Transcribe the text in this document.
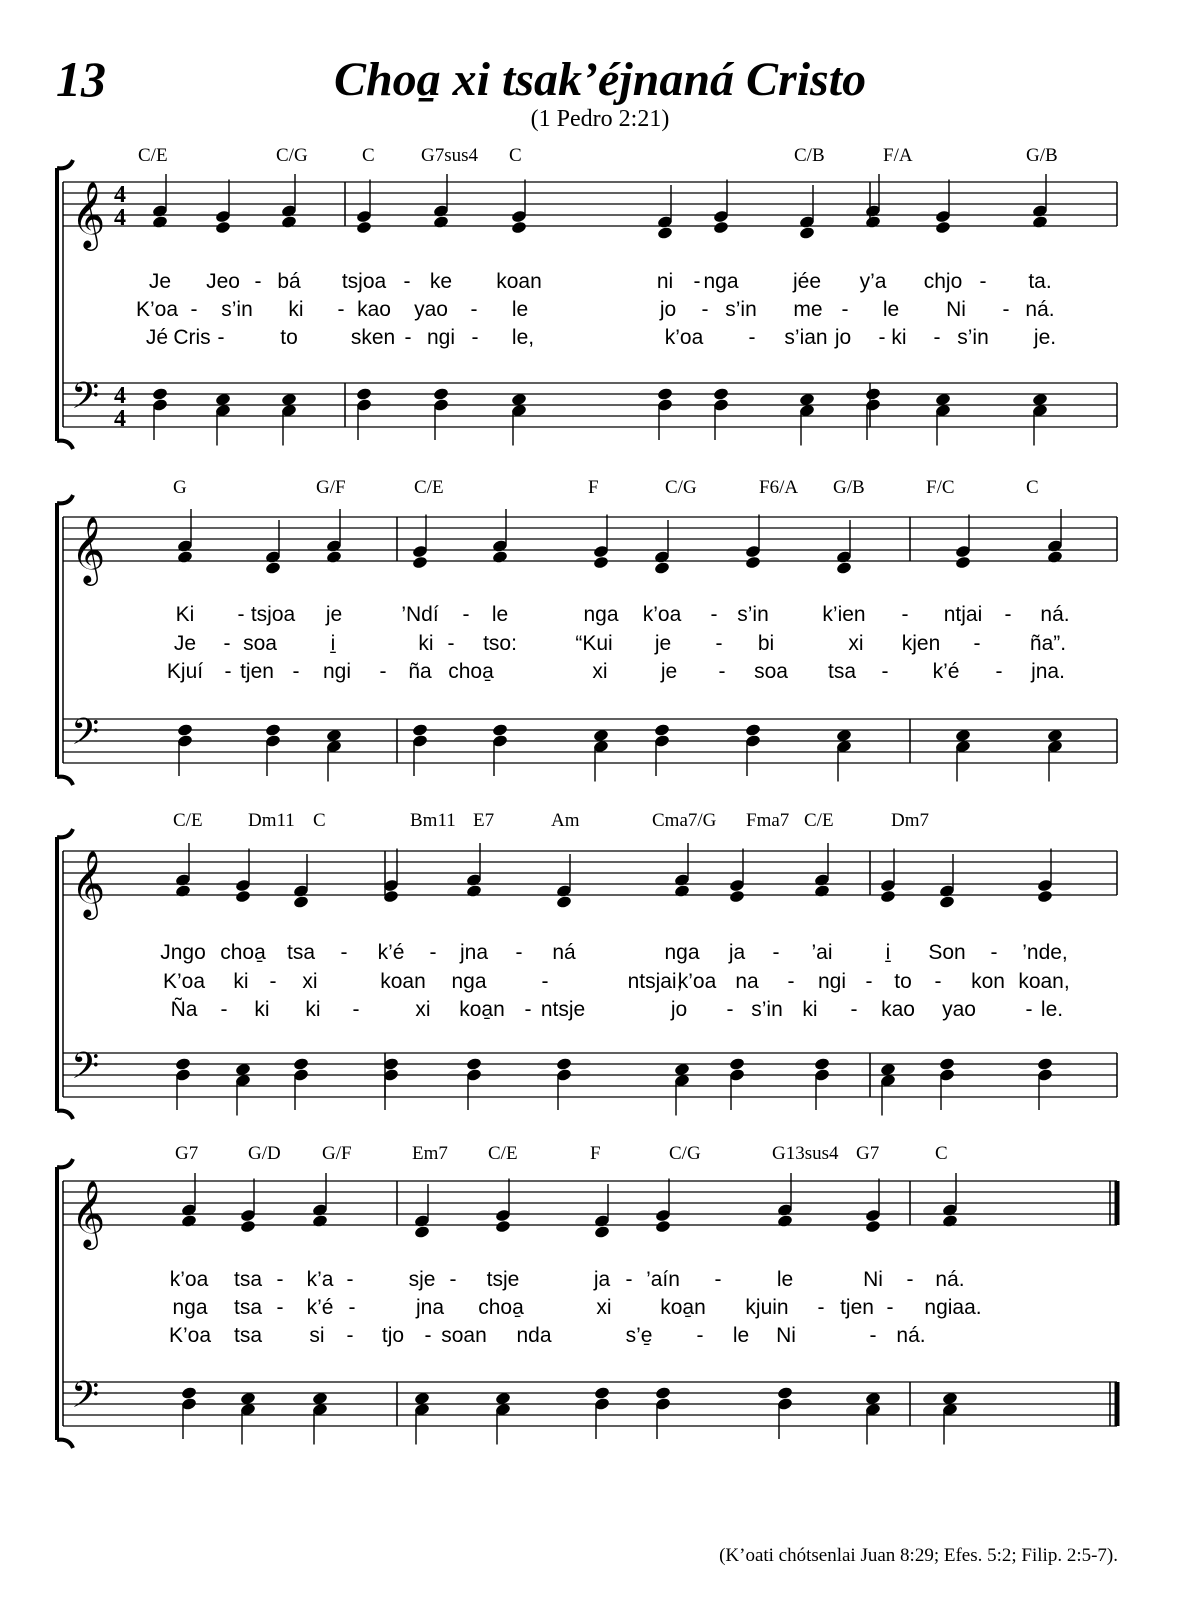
13	Choa̱ xi tsak’éjnaná Cristo
(1 Pedro 2:21)
𝄞
𝄢
4
4
4
4
𝄞
𝄢
𝄞
𝄢
𝄞
𝄢
C/E	C/G	C G7sus4 C	C/B	F/A	G/B
Je Jeo - bá tsjoa - ke koan	ni - nga	jée y’a chjo - ta.
K’oa - s’in ki - kao yao - le	jo - s’in me - le Ni - ná.
Jé Cris -	to	sken - ngi - le,	k’oa - s’ian jo - ki - s’in je.
G	G/F	C/E	F	C/G	F6/A G/B	F/C	C
Ki - tsjoa je	’Ndí - le	nga k’oa - s’in	k’ien - ntjai - ná.
Je - soa	i̱	ki - tso:	“Kui je - bi	xi kjen - ña”.
Kjuí - tjen - ngi - ña choa̱	xi	je - soa tsa - k’é - jna.
C/E Dm11 C	Bm11 E7	Am	Cma7/G Fma7 C/E	Dm7
Jngo choa̱ tsa - k’é - jna - ná	nga ja - ’ai	i̱ Son - ’nde,
K’oa ki - xi	koan nga	-	ntsjai,
k’oa na - ngi - to - kon koan,
Ña - ki ki -	xi koa̱n - ntsje	jo - s’in ki - kao yao - le.
G7	G/D G/F	Em7 C/E	F	C/G	G13sus4 G7	C
k’oa tsa - k’a -	sje - tsje	ja - ’aín -	le	Ni - ná.
nga tsa - k’é -	jna choa̱	xi koa̱n kjuin - tjen - ngiaa.
K’oa tsa si - tjo - soan nda	s’e̱ - le Ni	- ná.
(K’oati chótsenlai Juan 8:29; Efes. 5:2; Filip. 2:5-7).
